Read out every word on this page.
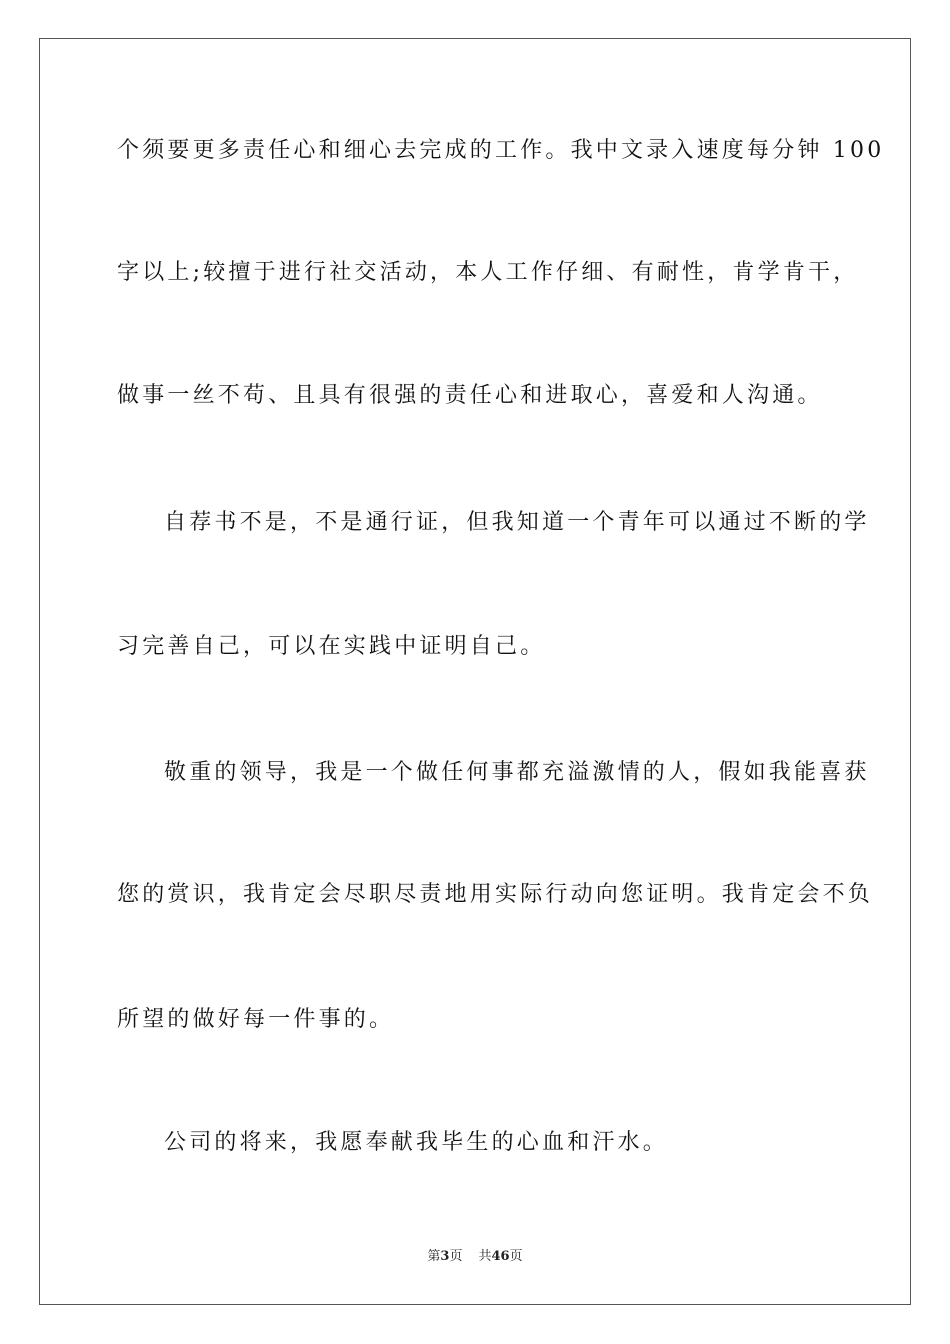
个须要更多责任心和细心去完成的工作。我中文录入速度每分钟 100
字以上;较擅于进行社交活动，本人工作仔细、有耐性，肯学肯干，
做事一丝不苟、且具有很强的责任心和进取心，喜爱和人沟通。
自荐书不是，不是通行证，但我知道一个青年可以通过不断的学
习完善自己，可以在实践中证明自己。
敬重的领导，我是一个做任何事都充溢激情的人，假如我能喜获
您的赏识，我肯定会尽职尽责地用实际行动向您证明。我肯定会不负
所望的做好每一件事的。
公司的将来，我愿奉献我毕生的心血和汗水。
第3页 共46页
